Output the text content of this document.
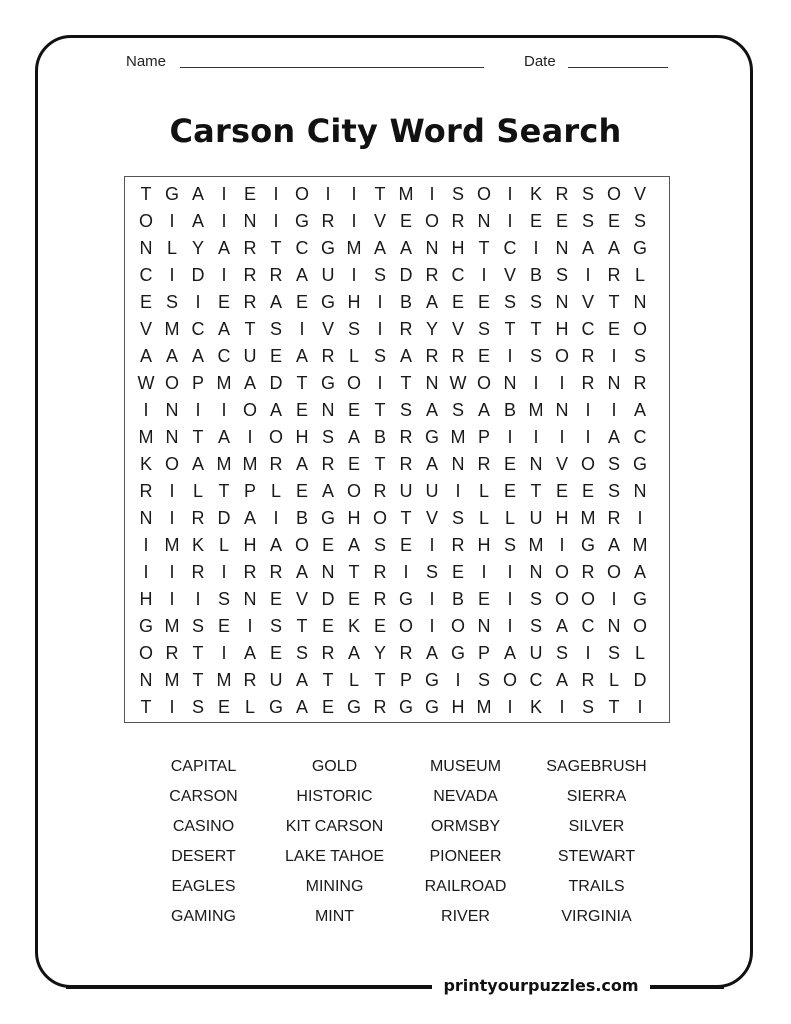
Name	Date
Carson City Word Search
T G A I E I O I	I	T M I S O I K R S O V
O I A I N I G R I V E O R N I E E S E S
N L Y A R T C G M A A N H T C I N A A G
C I D I R R A U I S D R C I V B S I R L
E S I E R A E G H I B A E E S S N V T N
V M C A T S I V S I R Y V S T T H C E O
A A A C U E A R L S A R R E I S O R I S
W O P M A D T G O I	T N W O N I	I R N R
I N I	I O A E N E T S A S A B M N I	I A
M N T A I O H S A B R G M P I	I	I	I A C
K O A M M R A R E T R A N R E N V O S G
R I	L T P L E A O R U U I	L E T E E S N
N I R D A I B G H O T V S L L U H M R I
I M K L H A O E A S E I R H S M I G A M
I	I R I R R A N T R I S E I	I N O R O A
H I	I S N E V D E R G I B E I S O O I G
G M S E I S T E K E O I O N I S A C N O
O R T I A E S R A Y R A G P A U S I S L
N M T M R U A T L T P G I S O C A R L D
T I S E L G A E G R G G H M I K I S T I
CAPITAL	GOLD	MUSEUM	SAGEBRUSH
CARSON	HISTORIC	NEVADA	SIERRA
CASINO	KIT CARSON	ORMSBY	SILVER
DESERT	LAKE TAHOE	PIONEER	STEWART
EAGLES	MINING	RAILROAD	TRAILS
GAMING	MINT	RIVER	VIRGINIA
printyourpuzzles.com
